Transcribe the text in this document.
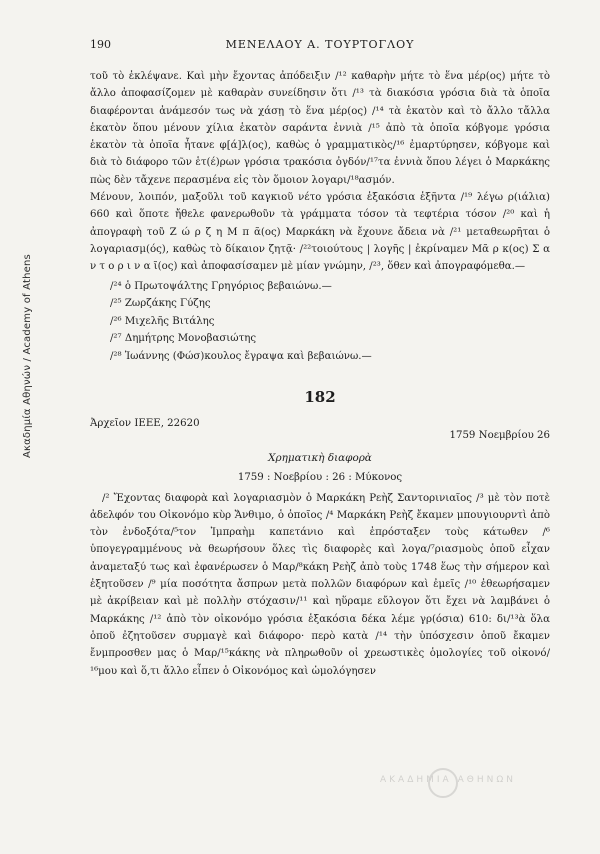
Ακαδημία Αθηνών / Academy of Athens
190	ΜΕΝΕΛΑΟΥ Α. ΤΟΥΡΤΟΓΛΟΥ

τοῦ τὸ ἐκλέψανε. Καὶ μὴν ἔχοντας ἀπόδειξιν /¹² καθαρὴν μήτε τὸ ἕνα μέρ(ος) μήτε τὸ ἄλλο ἀποφασίζομεν μὲ καθαρὰν συνείδησιν ὅτι /¹³ τὰ διακόσια γρόσια διὰ τὰ ὁποῖα διαφέρονται ἀνάμεσόν τως νὰ χάσῃ τὸ ἕνα μέρ(ος) /¹⁴ τὰ ἑκατὸν καὶ τὸ ἄλλο τἄλλα ἑκατὸν ὅπου μένουν χίλια ἑκατὸν σαράντα ἐννιὰ /¹⁵ ἀπὸ τὰ ὁποῖα κόβγομε γρόσια ἑκατὸν τὰ ὁποῖα ἦτανε φ[ά]λ(ος), καθὼς ὁ γραμματικὸς/¹⁶ ἐμαρτύρησεν, κόβγομε καὶ διὰ τὸ διάφορο τῶν ἑτ(έ)ρων γρόσια τρακόσια ὀγδόν/¹⁷τα ἐννιὰ ὅπου λέγει ὁ Μαρκάκης πὼς δὲν τἄχενε περασμένα εἰς τὸν ὅμοιον λογαρι/¹⁸ασμόν.

Μένουν, λοιπόν, μαξοῦλι τοῦ καγκιοῦ νέτο γρόσια ἑξακόσια ἑξῆντα /¹⁹ λέγω ρ(ιάλια) 660 καὶ ὅποτε ἤθελε φανερωθοῦν τὰ γράμματα τόσον τὰ τεφτέρια τόσον /²⁰ καὶ ἡ ἀπογραφὴ τοῦ Ζ ώ ρ ζ η Μ π ᾶ(ος) Μαρκάκη νὰ ἔχουνε ἄδεια νὰ /²¹ μεταθεωρῆται ὁ λογαριασμ(ός), καθὼς τὸ δίκαιον ζητᾷ· /²²τοιούτους | λογῆς | ἐκρίναμεν Μᾶ ρ κ(ος) Σ α ν τ ο ρ ι ν α ῖ(ος) καὶ ἀποφασίσαμεν μὲ μίαν γνώμην, /²³, ὅθεν καὶ ἀπογραφόμεθα.—

/²⁴ ὁ Πρωτοψάλτης Γρηγόριος βεβαιώνω.—

/²⁵ Ζωρζάκης Γύζης

/²⁶ Μιχελῆς Βιτάλης

/²⁷ Δημήτρης Μονοβασιώτης

/²⁸ Ἰωάννης (Φώσ)κουλος ἔγραψα καὶ βεβαιώνω.—

182
Ἀρχεῖον ΙΕΕΕ, 22620
1759 Νοεμβρίου 26
Χρηματικὴ διαφορὰ
1759 : Νοεβρίου : 26 : Μύκονος

/² Ἔχοντας διαφορὰ καὶ λογαριασμὸν ὁ Μαρκάκη Ρεὴζ Σαντορινιαῖος /³ μὲ τὸν ποτὲ ἀδελφόν του Οἰκονόμο κὺρ Ἄνθιμο, ὁ ὁποῖος /⁴ Μαρκάκη Ρεὴζ ἔκαμεν μπουγιουρντὶ ἀπὸ τὸν ἐνδοξότα/⁵τον Ἰμπραὴμ καπετάνιο καὶ ἐπρόσταξεν τοὺς κάτωθεν /⁶ ὑπογεγραμμένους νὰ θεωρήσουν ὅλες τὶς διαφορὲς καὶ λογα/⁷ριασμοὺς ὁποῦ εἶχαν ἀναμεταξύ τως καὶ ἐφανέρωσεν ὁ Μαρ/⁸κάκη Ρεὴζ ἀπὸ τοὺς 1748 ἕως τὴν σήμερον καὶ ἐξητοῦσεν /⁹ μία ποσότητα ἄσπρων μετὰ πολλῶν διαφόρων καὶ ἐμεῖς /¹⁰ ἐθεωρήσαμεν μὲ ἀκρίβειαν καὶ μὲ πολλὴν στόχασιν/¹¹ καὶ ηὕραμε εὔλογον ὅτι ἔχει νὰ λαμβάνει ὁ Μαρκάκης /¹² ἀπὸ τὸν οἰκονόμο γρόσια ἑξακόσια δέκα λέμε γρ(όσια) 610: δι/¹³ὰ ὅλα ὁποῦ ἐζητοῦσεν συρμαγὲ καὶ διάφορο· περὸ κατὰ /¹⁴ τὴν ὑπόσχεσιν ὁποῦ ἔκαμεν ἔνμπροσθεν μας ὁ Μαρ/¹⁵κάκης νὰ πληρωθοῦν οἱ χρεωστικὲς ὁμολογίες τοῦ οἰκονό/¹⁶μου καὶ ὅ,τι ἄλλο εἶπεν ὁ Οἰκονόμος καὶ ὡμολόγησεν

ΑΚΑΔΗΜΙΑ ΑΘΗΝΩΝ
